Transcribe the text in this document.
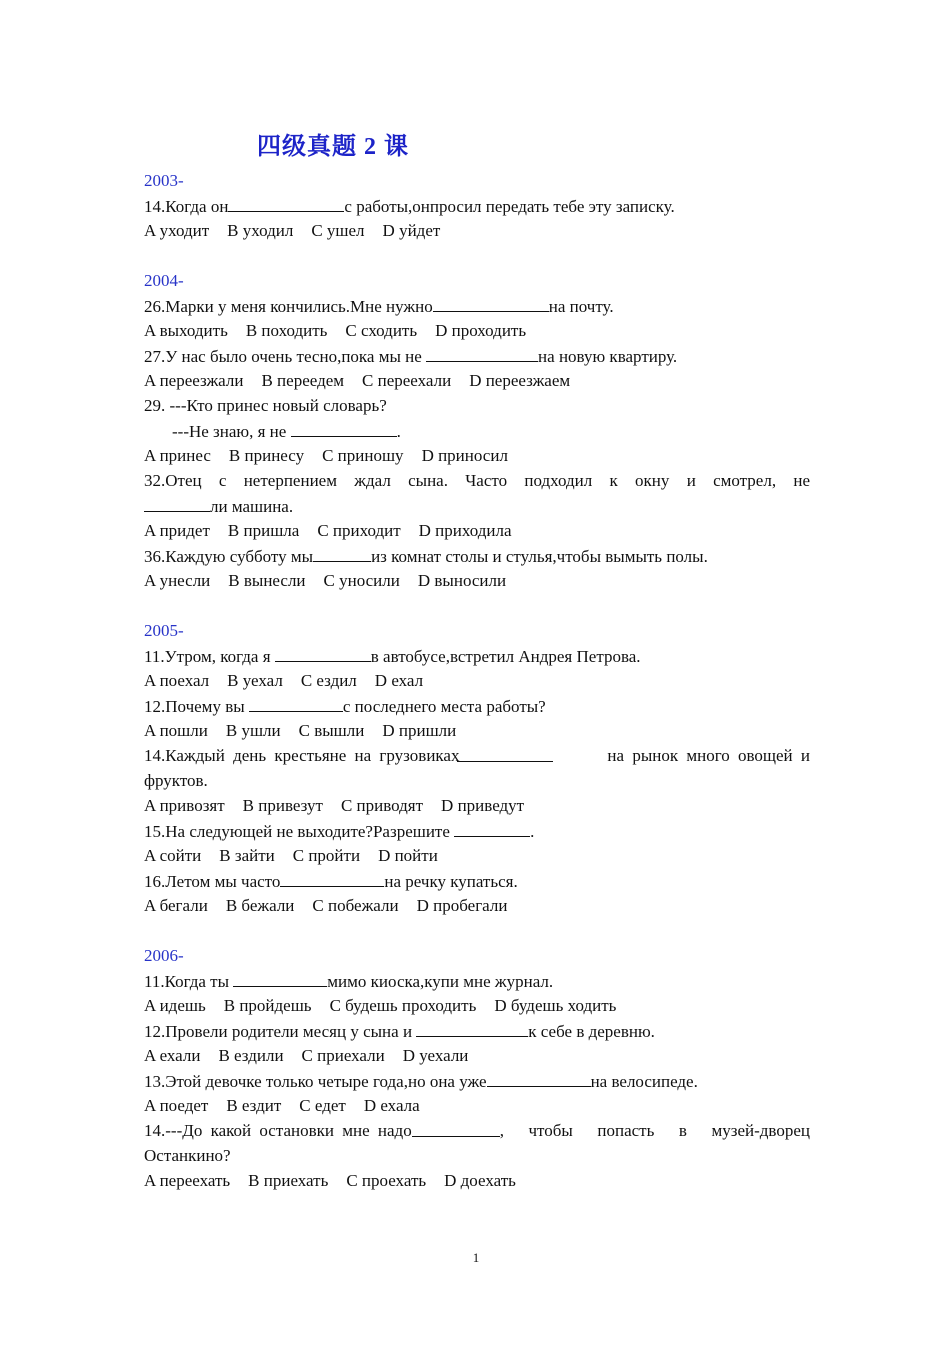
四级真题 2 课
2003-
14.Когда он	с работы,онпросил передать тебе эту записку.
A уходит B уходил C ушел D уйдет
2004-
26.Марки у меня кончились.Мне нужно	на почту.
A выходить B походить C сходить D проходить
27.У нас было очень тесно,пока мы не	на новую квартиру.
A переезжали B переедем C переехали D переезжаем
29. ---Кто принес новый словарь?
---Не знаю, я не	.
A принес B принесу C приношу D приносил
32.Отец с нетерпением ждал сына. Часто подходил к окну и смотрел, не
ли машина.
A придет B пришла C приходит D приходила
36.Каждую субботу мы	из комнат столы и стулья,чтобы вымыть полы.
A унесли B вынесли C уносили D выносили
2005-
11.Утром, когда я	в автобусе,встретил Андрея Петрова.
A поехал B уехал C ездил D ехал
12.Почему вы	с последнего места работы?
A пошли B ушли C вышли D пришли
14.Каждый день крестьяне на грузовиках	на рынок много овощей и
фруктов.
A привозят B привезут C приводят D приведут
15.На следующей не выходите?Разрешите	.
A сойти B зайти C пройти D пойти
16.Летом мы часто	на речку купаться.
A бегали B бежали C побежали D пробегали
2006-
11.Когда ты	мимо киоска,купи мне журнал.
A идешь B пройдешь C будешь проходить D будешь ходить
12.Провели родители месяц у сына и	к себе в деревню.
A ехали B ездили C приехали D уехали
13.Этой девочке только четыре года,но она уже	на велосипеде.
A поедет B ездит C едет D ехала
14.---До какой остановки мне надо	, чтобы попасть в музей-дворец
Останкино?
A переехать B приехать C проехать D доехать
1
